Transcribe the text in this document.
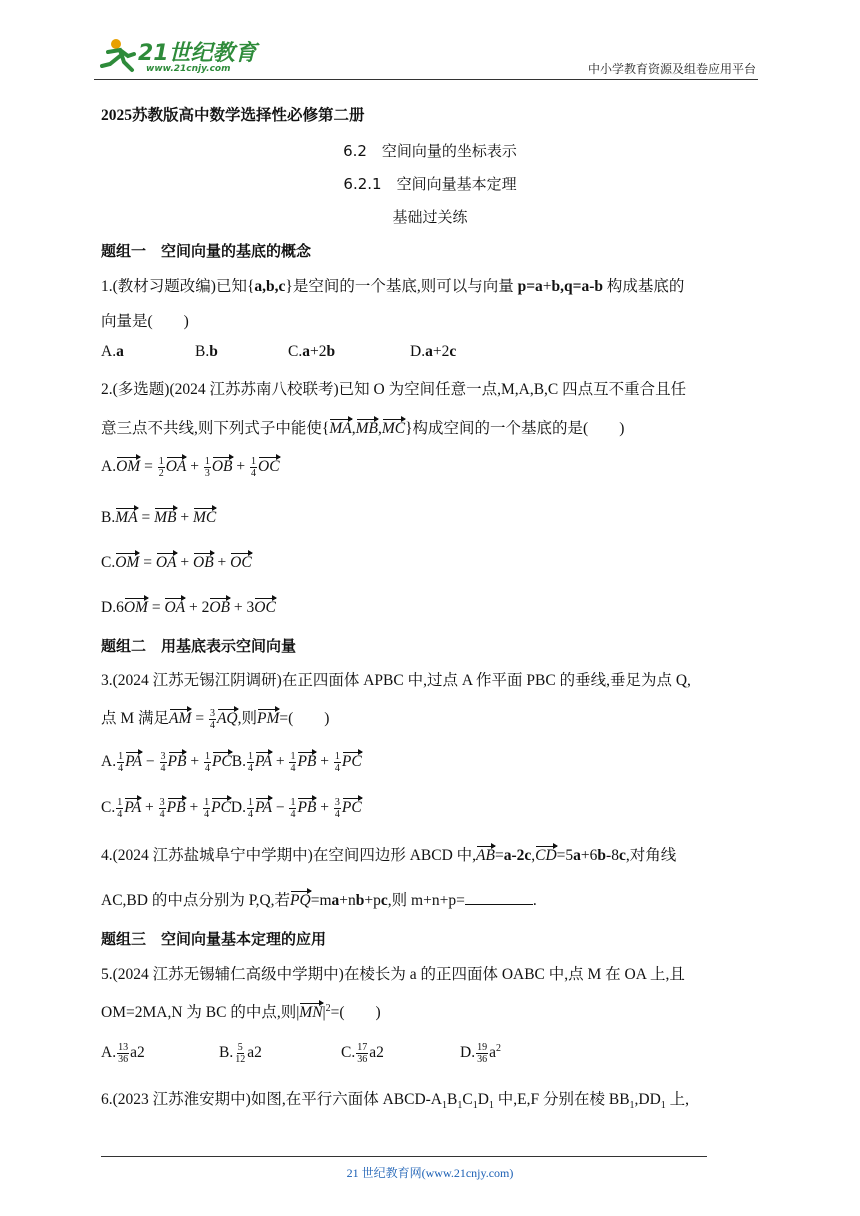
21世纪教育
www.21cnjy.com	中小学教育资源及组卷应用平台
2025苏教版高中数学选择性必修第二册
6.2　空间向量的坐标表示
6.2.1　空间向量基本定理
基础过关练
题组一　空间向量的基底的概念
1.(教材习题改编)已知{a,b,c}是空间的一个基底,则可以与向量 p=a+b,q=a-b 构成基底的
向量是(　　)
A.a	B.b	C.a+2b	D.a+2c
2.(多选题)(2024 江苏苏南八校联考)已知 O 为空间任意一点,M,A,B,C 四点互不重合且任
意三点不共线,则下列式子中能使{MA,MB,MC}构成空间的一个基底的是(　　)
$A.OM = \frac{1}{2}$ OA + $\frac{1}{3}$ OB + $\frac{1}{4}$ OC
B.MA = MB + MC
C.OM = OA + OB + OC
D.6OM = OA + 2OB + 3OC
题组二　用基底表示空间向量
3.(2024 江苏无锡江阴调研)在正四面体 APBC 中,过点 A 作平面 PBC 的垂线,垂足为点 Q,
点 M 满足AM = $\frac{3}{4}$ AQ,则PM=(　　)
A. $\frac{1}{4}$ PA − $\frac{3}{4}$ PB + $\frac{1}{4}$ PCB. $\frac{1}{4}$ PA + $\frac{1}{4}$ PB + $\frac{1}{4}$ PC
C. $\frac{1}{4}$ PA + $\frac{3}{4}$ PB + $\frac{1}{4}$ PCD. $\frac{1}{4}$ PA − $\frac{1}{4}$ PB + $\frac{3}{4}$ PC
4.(2024 江苏盐城阜宁中学期中)在空间四边形 ABCD 中,AB=a-2c,CD=5a+6b-8c,对角线
AC,BD 的中点分别为 P,Q,若PQ=ma+nb+pc,则 m+n+p=	.
题组三　空间向量基本定理的应用
5.(2024 江苏无锡辅仁高级中学期中)在棱长为 a 的正四面体 OABC 中,点 M 在 OA 上,且
OM=2MA,N 为 BC 的中点,则$|MN|^2=$(　　)
A. $\frac{13}{36} a2$	B. $\frac{5}{12} a2$	C. $\frac{17}{36} a2$	D. $\frac{19}{36} a^2$
6.(2023 江苏淮安期中)如图,在平行六面体 ABCD-$A_1B_1C_1D_1$ 中,E,F 分别在棱 $BB_1,DD_1$ 上,
21 世纪教育网(www.21cnjy.com)
